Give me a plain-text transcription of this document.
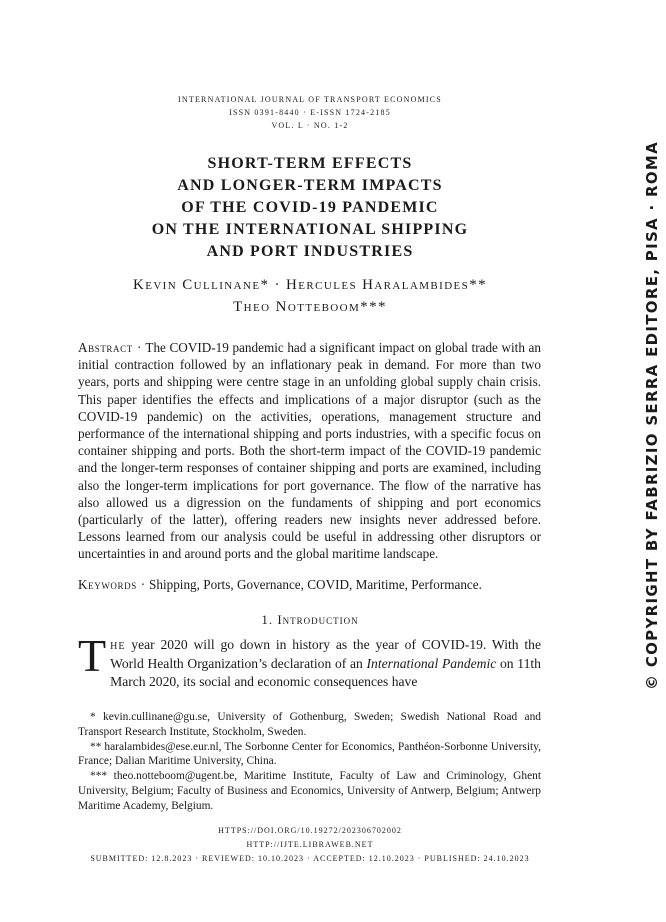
INTERNATIONAL JOURNAL OF TRANSPORT ECONOMICS
ISSN 0391-8440 · E-ISSN 1724-2185
VOL. L · NO. 1-2
SHORT-TERM EFFECTS
AND LONGER-TERM IMPACTS
OF THE COVID-19 PANDEMIC
ON THE INTERNATIONAL SHIPPING
AND PORT INDUSTRIES
Kevin Cullinane* · Hercules Haralambides**
Theo Notteboom***
Abstract · The COVID-19 pandemic had a significant impact on global trade with an initial contraction followed by an inflationary peak in demand. For more than two years, ports and shipping were centre stage in an unfolding global supply chain crisis. This paper identifies the effects and implications of a major disruptor (such as the COVID-19 pandemic) on the activities, operations, management structure and performance of the international shipping and ports industries, with a specific focus on container shipping and ports. Both the short-term impact of the COVID-19 pandemic and the longer-term responses of container shipping and ports are examined, including also the longer-term implications for port governance. The flow of the narrative has also allowed us a digression on the fundaments of shipping and port economics (particularly of the latter), offering readers new insights never addressed before. Lessons learned from our analysis could be useful in addressing other disruptors or uncertainties in and around ports and the global maritime landscape.
Keywords · Shipping, Ports, Governance, COVID, Maritime, Performance.
1. Introduction
The year 2020 will go down in history as the year of COVID-19. With the World Health Organization’s declaration of an International Pandemic on 11th March 2020, its social and economic consequences have

* kevin.cullinane@gu.se, University of Gothenburg, Sweden; Swedish National Road and Transport Research Institute, Stockholm, Sweden.

** haralambides@ese.eur.nl, The Sorbonne Center for Economics, Panthéon-Sorbonne University, France; Dalian Maritime University, China.

*** theo.notteboom@ugent.be, Maritime Institute, Faculty of Law and Criminology, Ghent University, Belgium; Faculty of Business and Economics, University of Antwerp, Belgium; Antwerp Maritime Academy, Belgium.

HTTPS://DOI.ORG/10.19272/202306702002
HTTP://IJTE.LIBRAWEB.NET
SUBMITTED: 12.8.2023 · REVIEWED: 10.10.2023 · ACCEPTED: 12.10.2023 · PUBLISHED: 24.10.2023
© COPYRIGHT BY FABRIZIO SERRA EDITORE, PISA · ROMA
